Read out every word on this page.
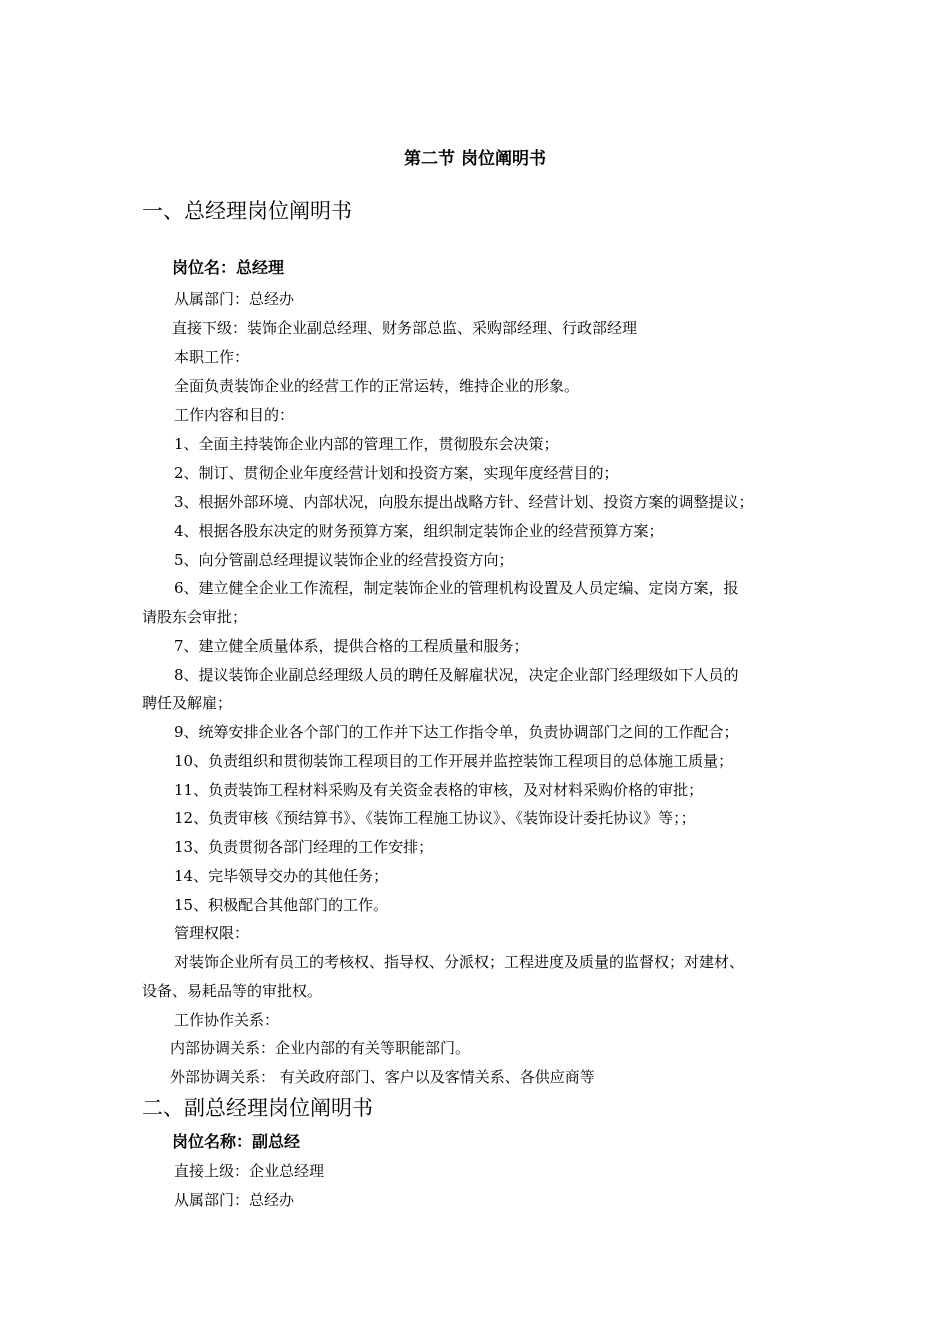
第二节 岗位阐明书
一、总经理岗位阐明书
岗位名：总经理
从属部门：总经办
直接下级：装饰企业副总经理、财务部总监、采购部经理、行政部经理
本职工作：
全面负责装饰企业的经营工作的正常运转，维持企业的形象。
工作内容和目的：
1、全面主持装饰企业内部的管理工作，贯彻股东会决策；
2、制订、贯彻企业年度经营计划和投资方案，实现年度经营目的；
3、根据外部环境、内部状况，向股东提出战略方针、经营计划、投资方案的调整提议；
4、根据各股东决定的财务预算方案，组织制定装饰企业的经营预算方案；
5、向分管副总经理提议装饰企业的经营投资方向；
6、建立健全企业工作流程，制定装饰企业的管理机构设置及人员定编、定岗方案，报
请股东会审批；
7、建立健全质量体系，提供合格的工程质量和服务；
8、提议装饰企业副总经理级人员的聘任及解雇状况，决定企业部门经理级如下人员的
聘任及解雇；
9、统筹安排企业各个部门的工作并下达工作指令单，负责协调部门之间的工作配合；
10、负责组织和贯彻装饰工程项目的工作开展并监控装饰工程项目的总体施工质量；
11、负责装饰工程材料采购及有关资金表格的审核，及对材料采购价格的审批；
12、负责审核《预结算书》、《装饰工程施工协议》、《装饰设计委托协议》等；；
13、负责贯彻各部门经理的工作安排；
14、完毕领导交办的其他任务；
15、积极配合其他部门的工作。
管理权限：
对装饰企业所有员工的考核权、指导权、分派权；工程进度及质量的监督权；对建材、
设备、易耗品等的审批权。
工作协作关系：
内部协调关系：企业内部的有关等职能部门。
外部协调关系： 有关政府部门、客户以及客情关系、各供应商等
二、副总经理岗位阐明书
岗位名称：副总经
直接上级：企业总经理
从属部门：总经办
